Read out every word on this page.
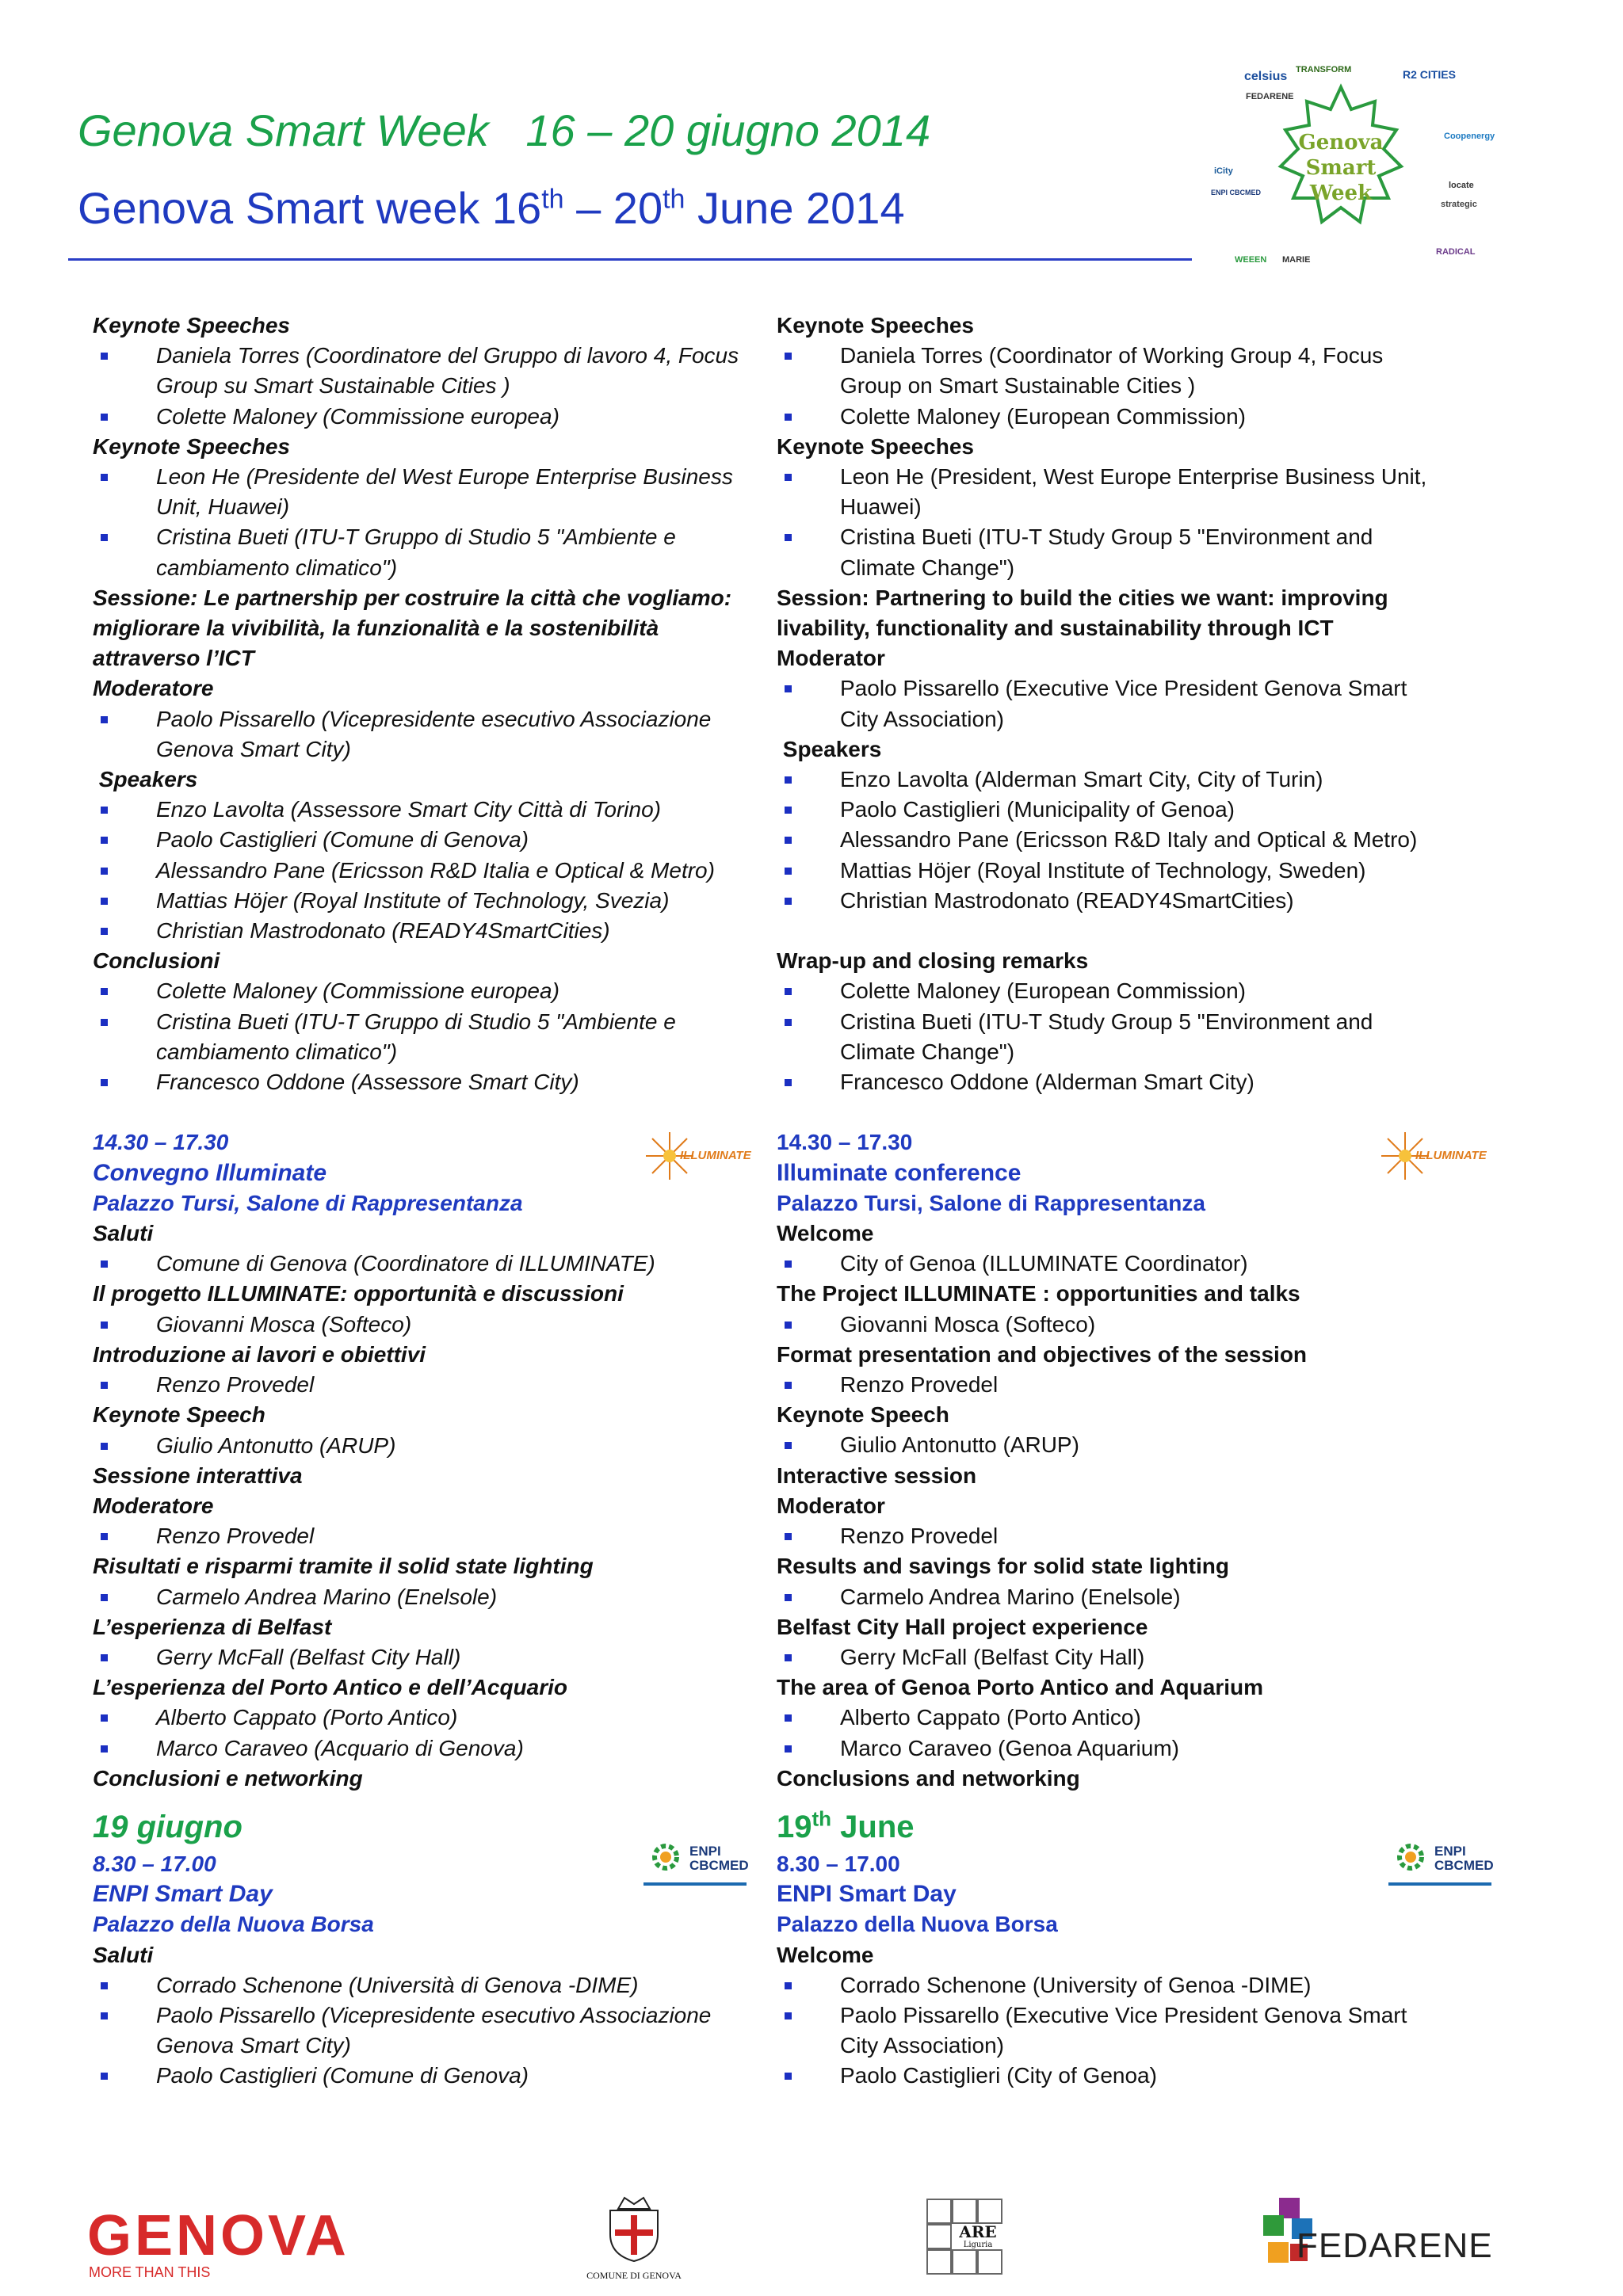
Genova Smart Week   16 – 20 giugno 2014
Genova Smart week 16th – 20th June 2014
Genova
Smart
Week
celsius TRANSFORM	R2 CITIES
FEDARENE
Coopenergy
iCity
ENPI CBCMED
locate
strategic
WEEEN MARIE
RADICAL
Keynote Speeches
Daniela Torres (Coordinatore del Gruppo di lavoro 4, Focus Group su Smart Sustainable Cities )
Colette Maloney (Commissione europea)
Keynote Speeches
Leon He (Presidente del West Europe Enterprise Business Unit, Huawei)
Cristina Bueti (ITU-T Gruppo di Studio 5 "Ambiente e cambiamento climatico")
Sessione: Le partnership per costruire la città che vogliamo: migliorare la vivibilità, la funzionalità e la sostenibilità attraverso l’ICT
Moderatore
Paolo Pissarello (Vicepresidente esecutivo Associazione Genova Smart City)
Speakers
Enzo Lavolta (Assessore Smart City Città di Torino)
Paolo Castiglieri (Comune di Genova)
Alessandro Pane (Ericsson R&D Italia e Optical & Metro)
Mattias Höjer (Royal Institute of Technology, Svezia)
Christian Mastrodonato (READY4SmartCities)
Conclusioni
Colette Maloney (Commissione europea)
Cristina Bueti (ITU-T Gruppo di Studio 5 "Ambiente e cambiamento climatico")
Francesco Oddone (Assessore Smart City)
14.30 – 17.30
Convegno Illuminate
Palazzo Tursi, Salone di Rappresentanza
Saluti
Comune di Genova (Coordinatore di ILLUMINATE)
Il progetto ILLUMINATE: opportunità e discussioni
Giovanni Mosca (Softeco)
Introduzione ai lavori e obiettivi
Renzo Provedel
Keynote Speech
Giulio Antonutto (ARUP)
Sessione interattiva
Moderatore
Renzo Provedel
Risultati e risparmi tramite il solid state lighting
Carmelo Andrea Marino (Enelsole)
L’esperienza di Belfast
Gerry McFall (Belfast City Hall)
L’esperienza del Porto Antico e dell’Acquario
Alberto Cappato (Porto Antico)
Marco Caraveo (Acquario di Genova)
Conclusioni e networking
19 giugno
8.30 – 17.00
ENPI Smart Day
Palazzo della Nuova Borsa
Saluti
Corrado Schenone (Università di Genova -DIME)
Paolo Pissarello (Vicepresidente esecutivo Associazione Genova Smart City)
Paolo Castiglieri (Comune di Genova)
Keynote Speeches
Daniela Torres (Coordinator of Working Group 4, Focus Group on Smart Sustainable Cities )
Colette Maloney (European Commission)
Keynote Speeches
Leon He (President, West Europe Enterprise Business Unit, Huawei)
Cristina Bueti (ITU-T Study Group 5 "Environment and Climate Change")
Session: Partnering to build the cities we want: improving livability, functionality and sustainability through ICT
Moderator
Paolo Pissarello (Executive Vice President Genova Smart City Association)
Speakers
Enzo Lavolta (Alderman Smart City, City of Turin)
Paolo Castiglieri (Municipality of Genoa)
Alessandro Pane (Ericsson R&D Italy and Optical & Metro)
Mattias Höjer (Royal Institute of Technology, Sweden)
Christian Mastrodonato (READY4SmartCities)
Wrap-up and closing remarks
Colette Maloney (European Commission)
Cristina Bueti (ITU-T Study Group 5 "Environment and Climate Change")
Francesco Oddone (Alderman Smart City)
14.30 – 17.30
Illuminate conference
Palazzo Tursi, Salone di Rappresentanza
Welcome
City of Genoa (ILLUMINATE Coordinator)
The Project ILLUMINATE : opportunities and talks
Giovanni Mosca (Softeco)
Format presentation and objectives of the session
Renzo Provedel
Keynote Speech
Giulio Antonutto (ARUP)
Interactive session
Moderator
Renzo Provedel
Results and savings for solid state lighting
Carmelo Andrea Marino (Enelsole)
Belfast City Hall project experience
Gerry McFall (Belfast City Hall)
The area of Genoa Porto Antico and Aquarium
Alberto Cappato (Porto Antico)
Marco Caraveo (Genoa Aquarium)
Conclusions and networking
19th June
8.30 – 17.00
ENPI Smart Day
Palazzo della Nuova Borsa
Welcome
Corrado Schenone (University of Genoa -DIME)
Paolo Pissarello (Executive Vice President Genova Smart City Association)
Paolo Castiglieri (City of Genoa)
ILLUMINATE	ILLUMINATE
ENPI
CBCMED
ENPI
CBCMED
GENOVA
MORE THAN THIS	COMUNE DI GENOVA
ARE
Liguria	FEDARENE
